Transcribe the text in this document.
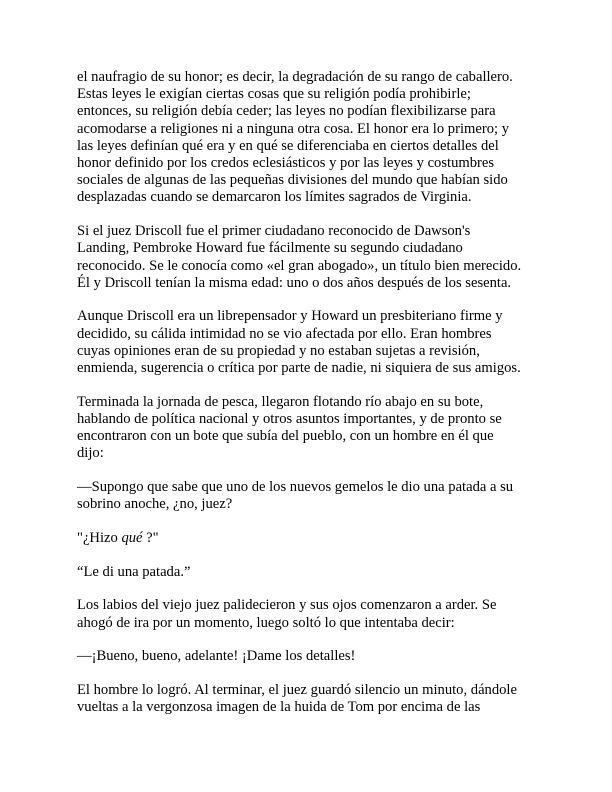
el naufragio de su honor; es decir, la degradación de su rango de caballero.
Estas leyes le exigían ciertas cosas que su religión podía prohibirle;
entonces, su religión debía ceder; las leyes no podían flexibilizarse para
acomodarse a religiones ni a ninguna otra cosa. El honor era lo primero; y
las leyes definían qué era y en qué se diferenciaba en ciertos detalles del
honor definido por los credos eclesiásticos y por las leyes y costumbres
sociales de algunas de las pequeñas divisiones del mundo que habían sido
desplazadas cuando se demarcaron los límites sagrados de Virginia.

Si el juez Driscoll fue el primer ciudadano reconocido de Dawson's
Landing, Pembroke Howard fue fácilmente su segundo ciudadano
reconocido. Se le conocía como «el gran abogado», un título bien merecido.
Él y Driscoll tenían la misma edad: uno o dos años después de los sesenta.

Aunque Driscoll era un librepensador y Howard un presbiteriano firme y
decidido, su cálida intimidad no se vio afectada por ello. Eran hombres
cuyas opiniones eran de su propiedad y no estaban sujetas a revisión,
enmienda, sugerencia o crítica por parte de nadie, ni siquiera de sus amigos.

Terminada la jornada de pesca, llegaron flotando río abajo en su bote,
hablando de política nacional y otros asuntos importantes, y de pronto se
encontraron con un bote que subía del pueblo, con un hombre en él que
dijo:

—Supongo que sabe que uno de los nuevos gemelos le dio una patada a su
sobrino anoche, ¿no, juez?

"¿Hizo qué ?"

“Le di una patada.”

Los labios del viejo juez palidecieron y sus ojos comenzaron a arder. Se
ahogó de ira por un momento, luego soltó lo que intentaba decir:

—¡Bueno, bueno, adelante! ¡Dame los detalles!

El hombre lo logró. Al terminar, el juez guardó silencio un minuto, dándole
vueltas a la vergonzosa imagen de la huida de Tom por encima de las
